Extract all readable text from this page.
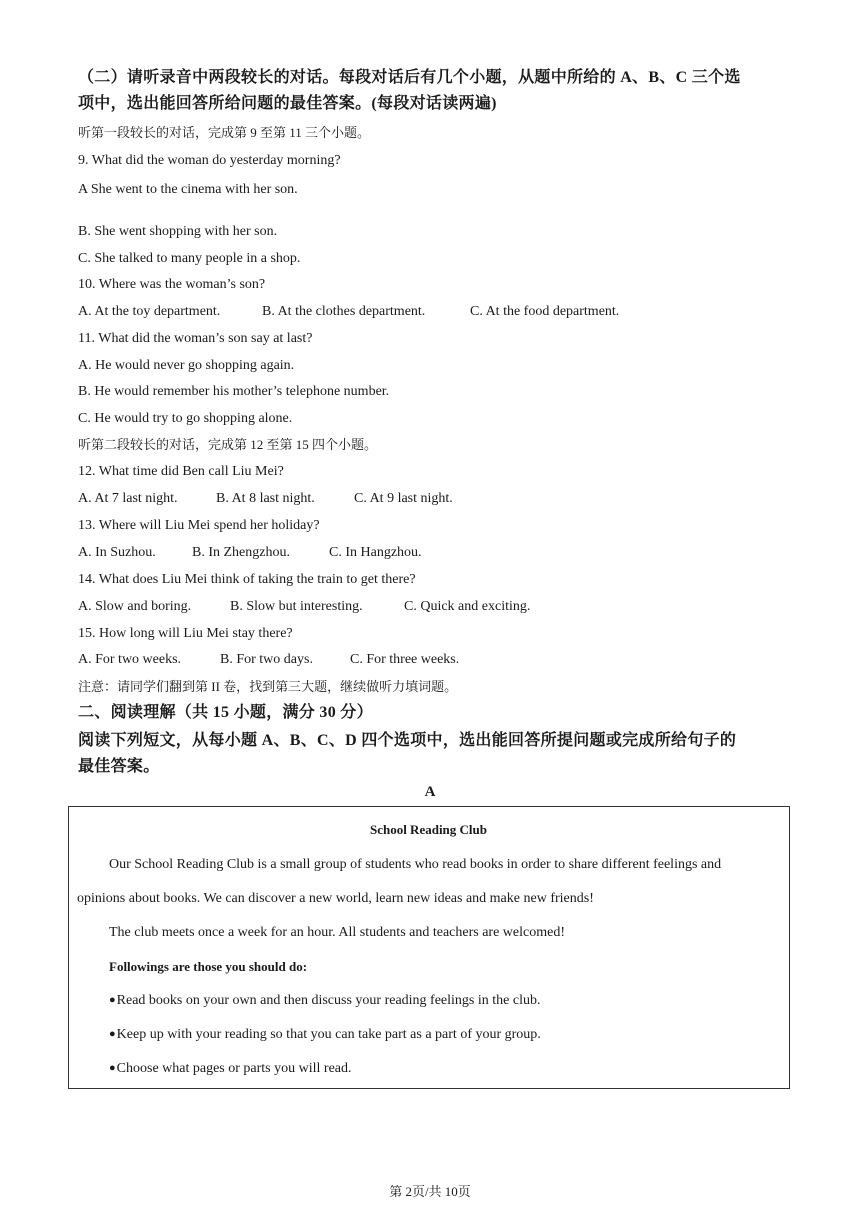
（二）请听录音中两段较长的对话。每段对话后有几个小题，从题中所给的 A、B、C 三个选
项中，选出能回答所给问题的最佳答案。(每段对话读两遍)
听第一段较长的对话，完成第 9 至第 11 三个小题。
9. What did the woman do yesterday morning?
A She went to the cinema with her son.
B. She went shopping with her son.
C. She talked to many people in a shop.
10. Where was the woman’s son?
A. At the toy department.	B. At the clothes department.	C. At the food department.
11. What did the woman’s son say at last?
A. He would never go shopping again.
B. He would remember his mother’s telephone number.
C. He would try to go shopping alone.
听第二段较长的对话，完成第 12 至第 15 四个小题。
12. What time did Ben call Liu Mei?
A. At 7 last night.	B. At 8 last night.	C. At 9 last night.
13. Where will Liu Mei spend her holiday?
A. In Suzhou.	B. In Zhengzhou.	C. In Hangzhou.
14. What does Liu Mei think of taking the train to get there?
A. Slow and boring.	B. Slow but interesting.	C. Quick and exciting.
15. How long will Liu Mei stay there?
A. For two weeks.	B. For two days.	C. For three weeks.
注意：请同学们翻到第 II 卷，找到第三大题，继续做听力填词题。
二、阅读理解（共 15 小题，满分 30 分）
阅读下列短文，从每小题 A、B、C、D 四个选项中，选出能回答所提问题或完成所给句子的
最佳答案。
A
School Reading Club
Our School Reading Club is a small group of students who read books in order to share different feelings and
opinions about books. We can discover a new world, learn new ideas and make new friends!
The club meets once a week for an hour. All students and teachers are welcomed!
Followings are those you should do:
●Read books on your own and then discuss your reading feelings in the club.
●Keep up with your reading so that you can take part as a part of your group.
●Choose what pages or parts you will read.
第 2页/共 10页
